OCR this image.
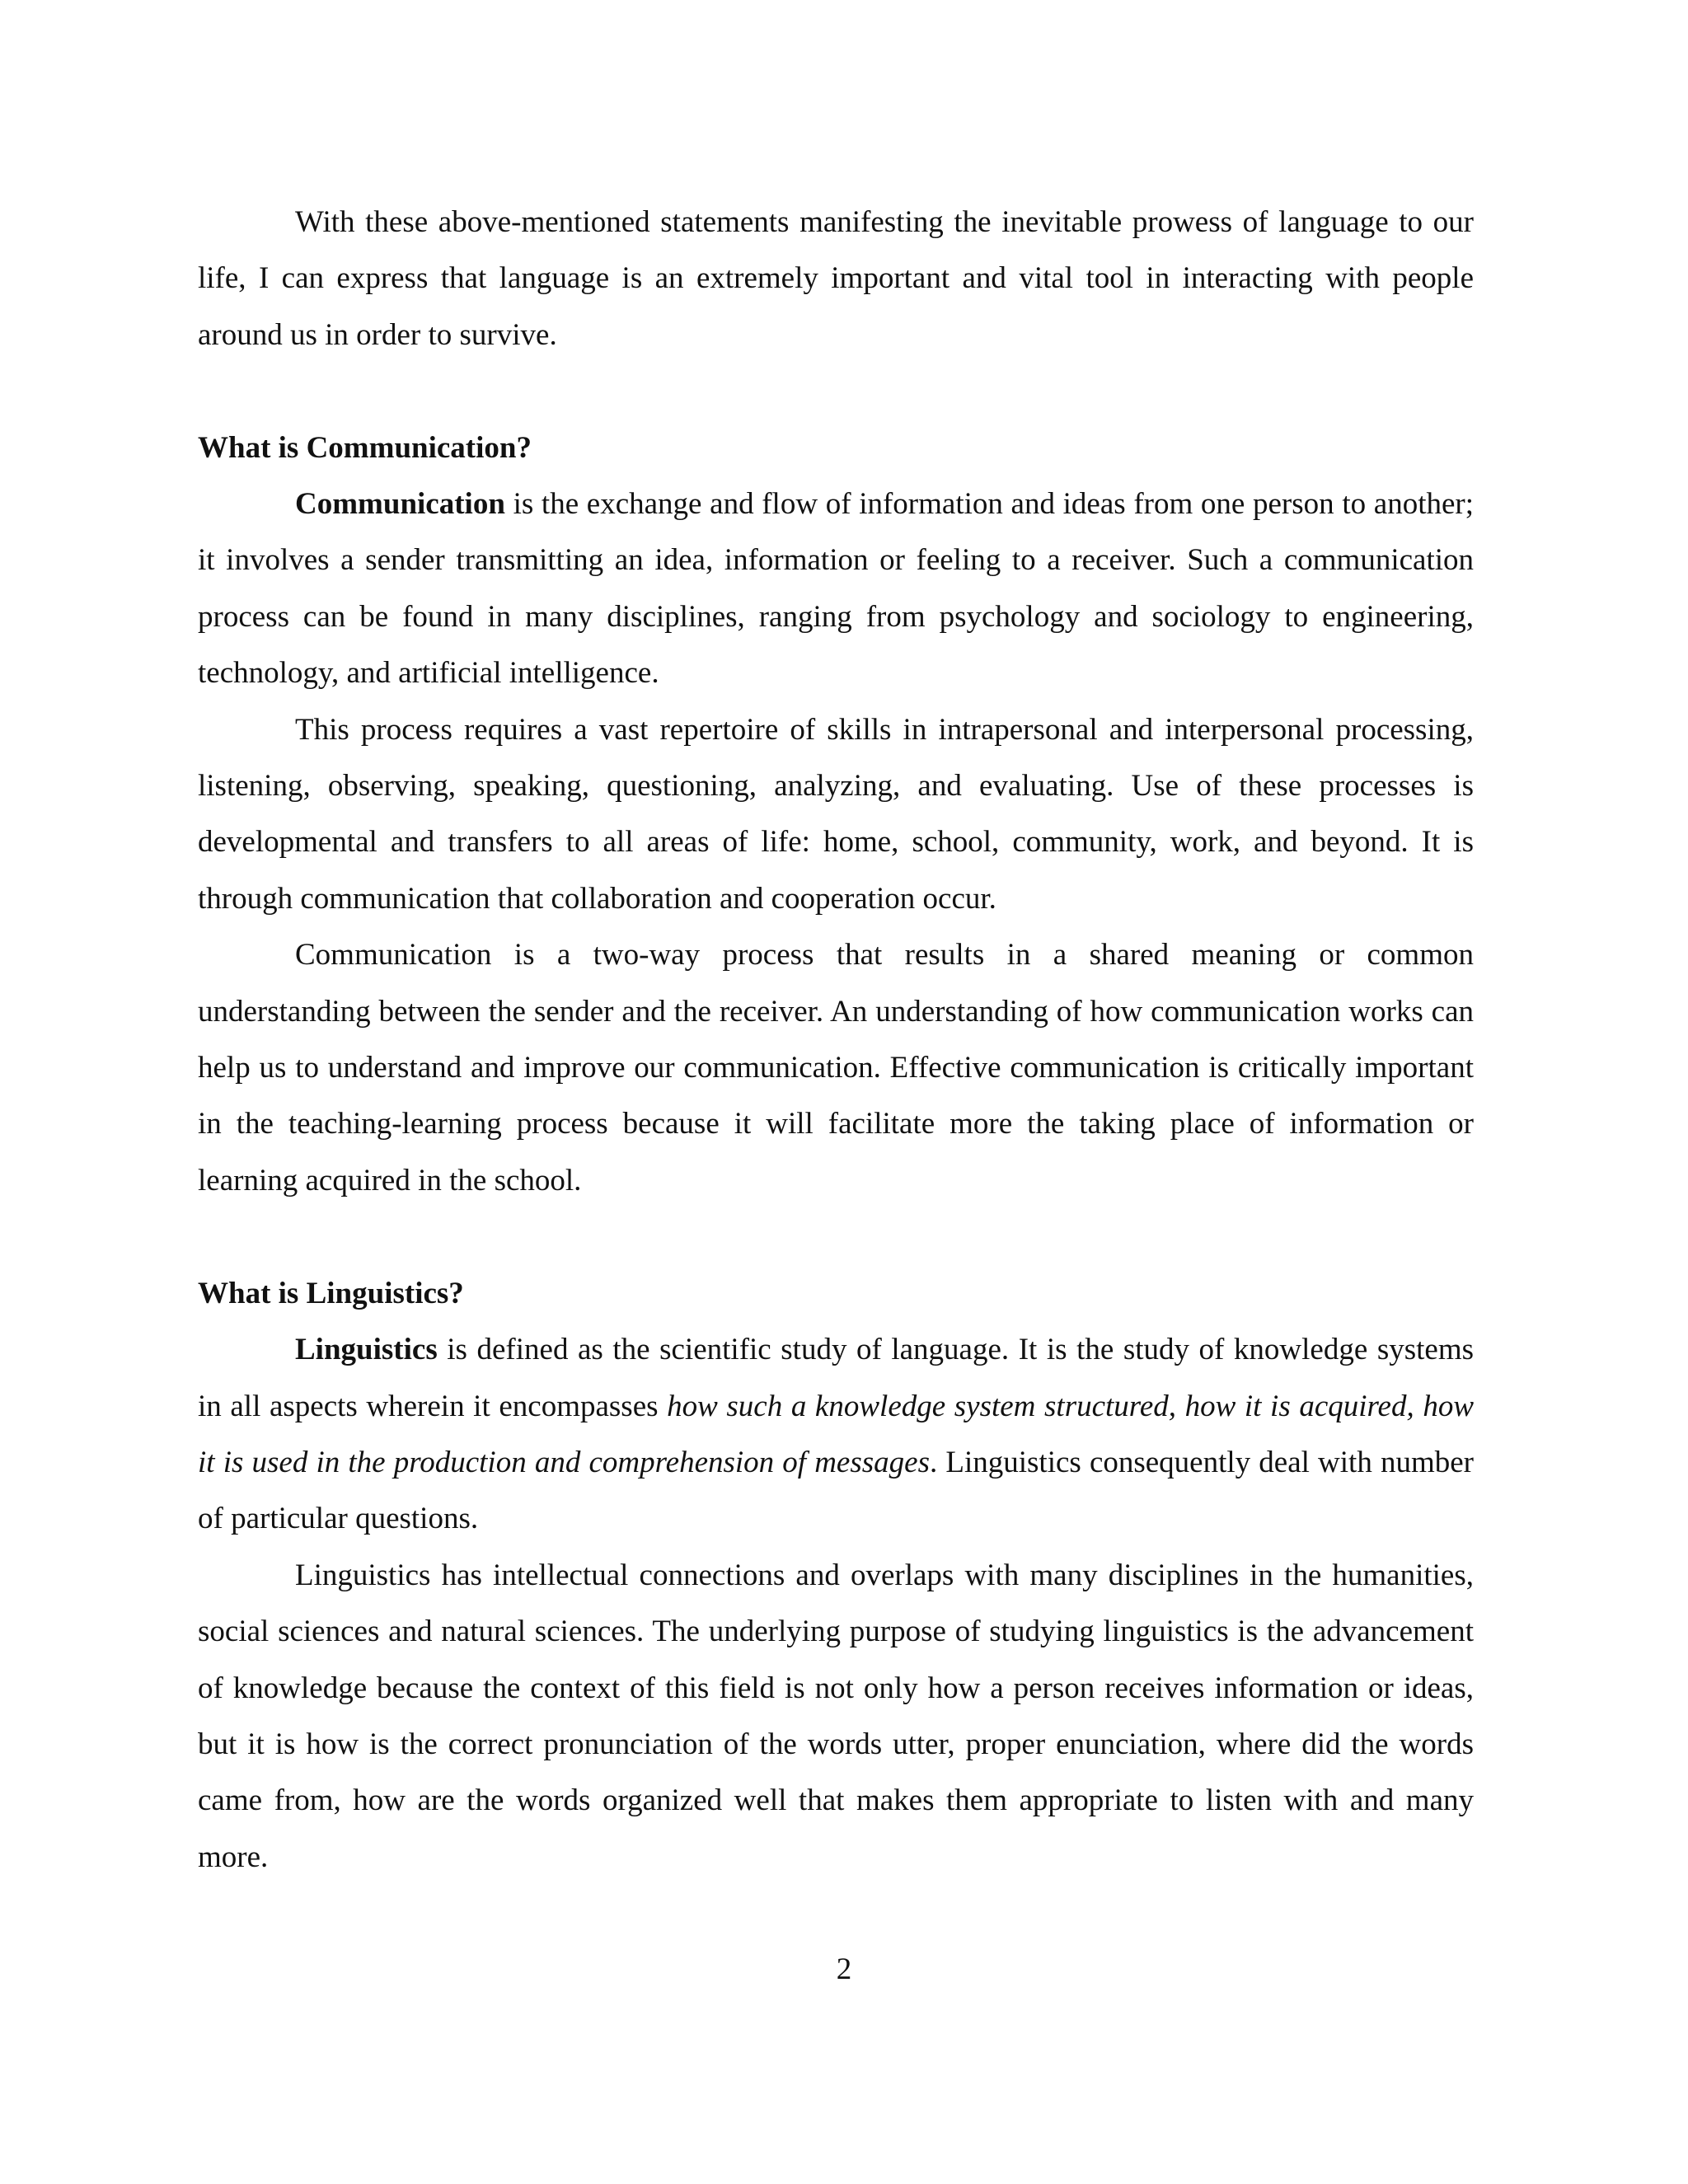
With these above-mentioned statements manifesting the inevitable prowess of language to our life, I can express that language is an extremely important and vital tool in interacting with people around us in order to survive.

What is Communication?

Communication is the exchange and flow of information and ideas from one person to another; it involves a sender transmitting an idea, information or feeling to a receiver. Such a communication process can be found in many disciplines, ranging from psychology and sociology to engineering, technology, and artificial intelligence.

This process requires a vast repertoire of skills in intrapersonal and interpersonal processing, listening, observing, speaking, questioning, analyzing, and evaluating. Use of these processes is developmental and transfers to all areas of life: home, school, community, work, and beyond. It is through communication that collaboration and cooperation occur.

Communication is a two-way process that results in a shared meaning or common understanding between the sender and the receiver. An understanding of how communication works can help us to understand and improve our communication. Effective communication is critically important in the teaching-learning process because it will facilitate more the taking place of information or learning acquired in the school.

What is Linguistics?

Linguistics is defined as the scientific study of language. It is the study of knowledge systems in all aspects wherein it encompasses how such a knowledge system structured, how it is acquired, how it is used in the production and comprehension of messages. Linguistics consequently deal with number of particular questions.

Linguistics has intellectual connections and overlaps with many disciplines in the humanities, social sciences and natural sciences. The underlying purpose of studying linguistics is the advancement of knowledge because the context of this field is not only how a person receives information or ideas, but it is how is the correct pronunciation of the words utter, proper enunciation, where did the words came from, how are the words organized well that makes them appropriate to listen with and many more.

2
